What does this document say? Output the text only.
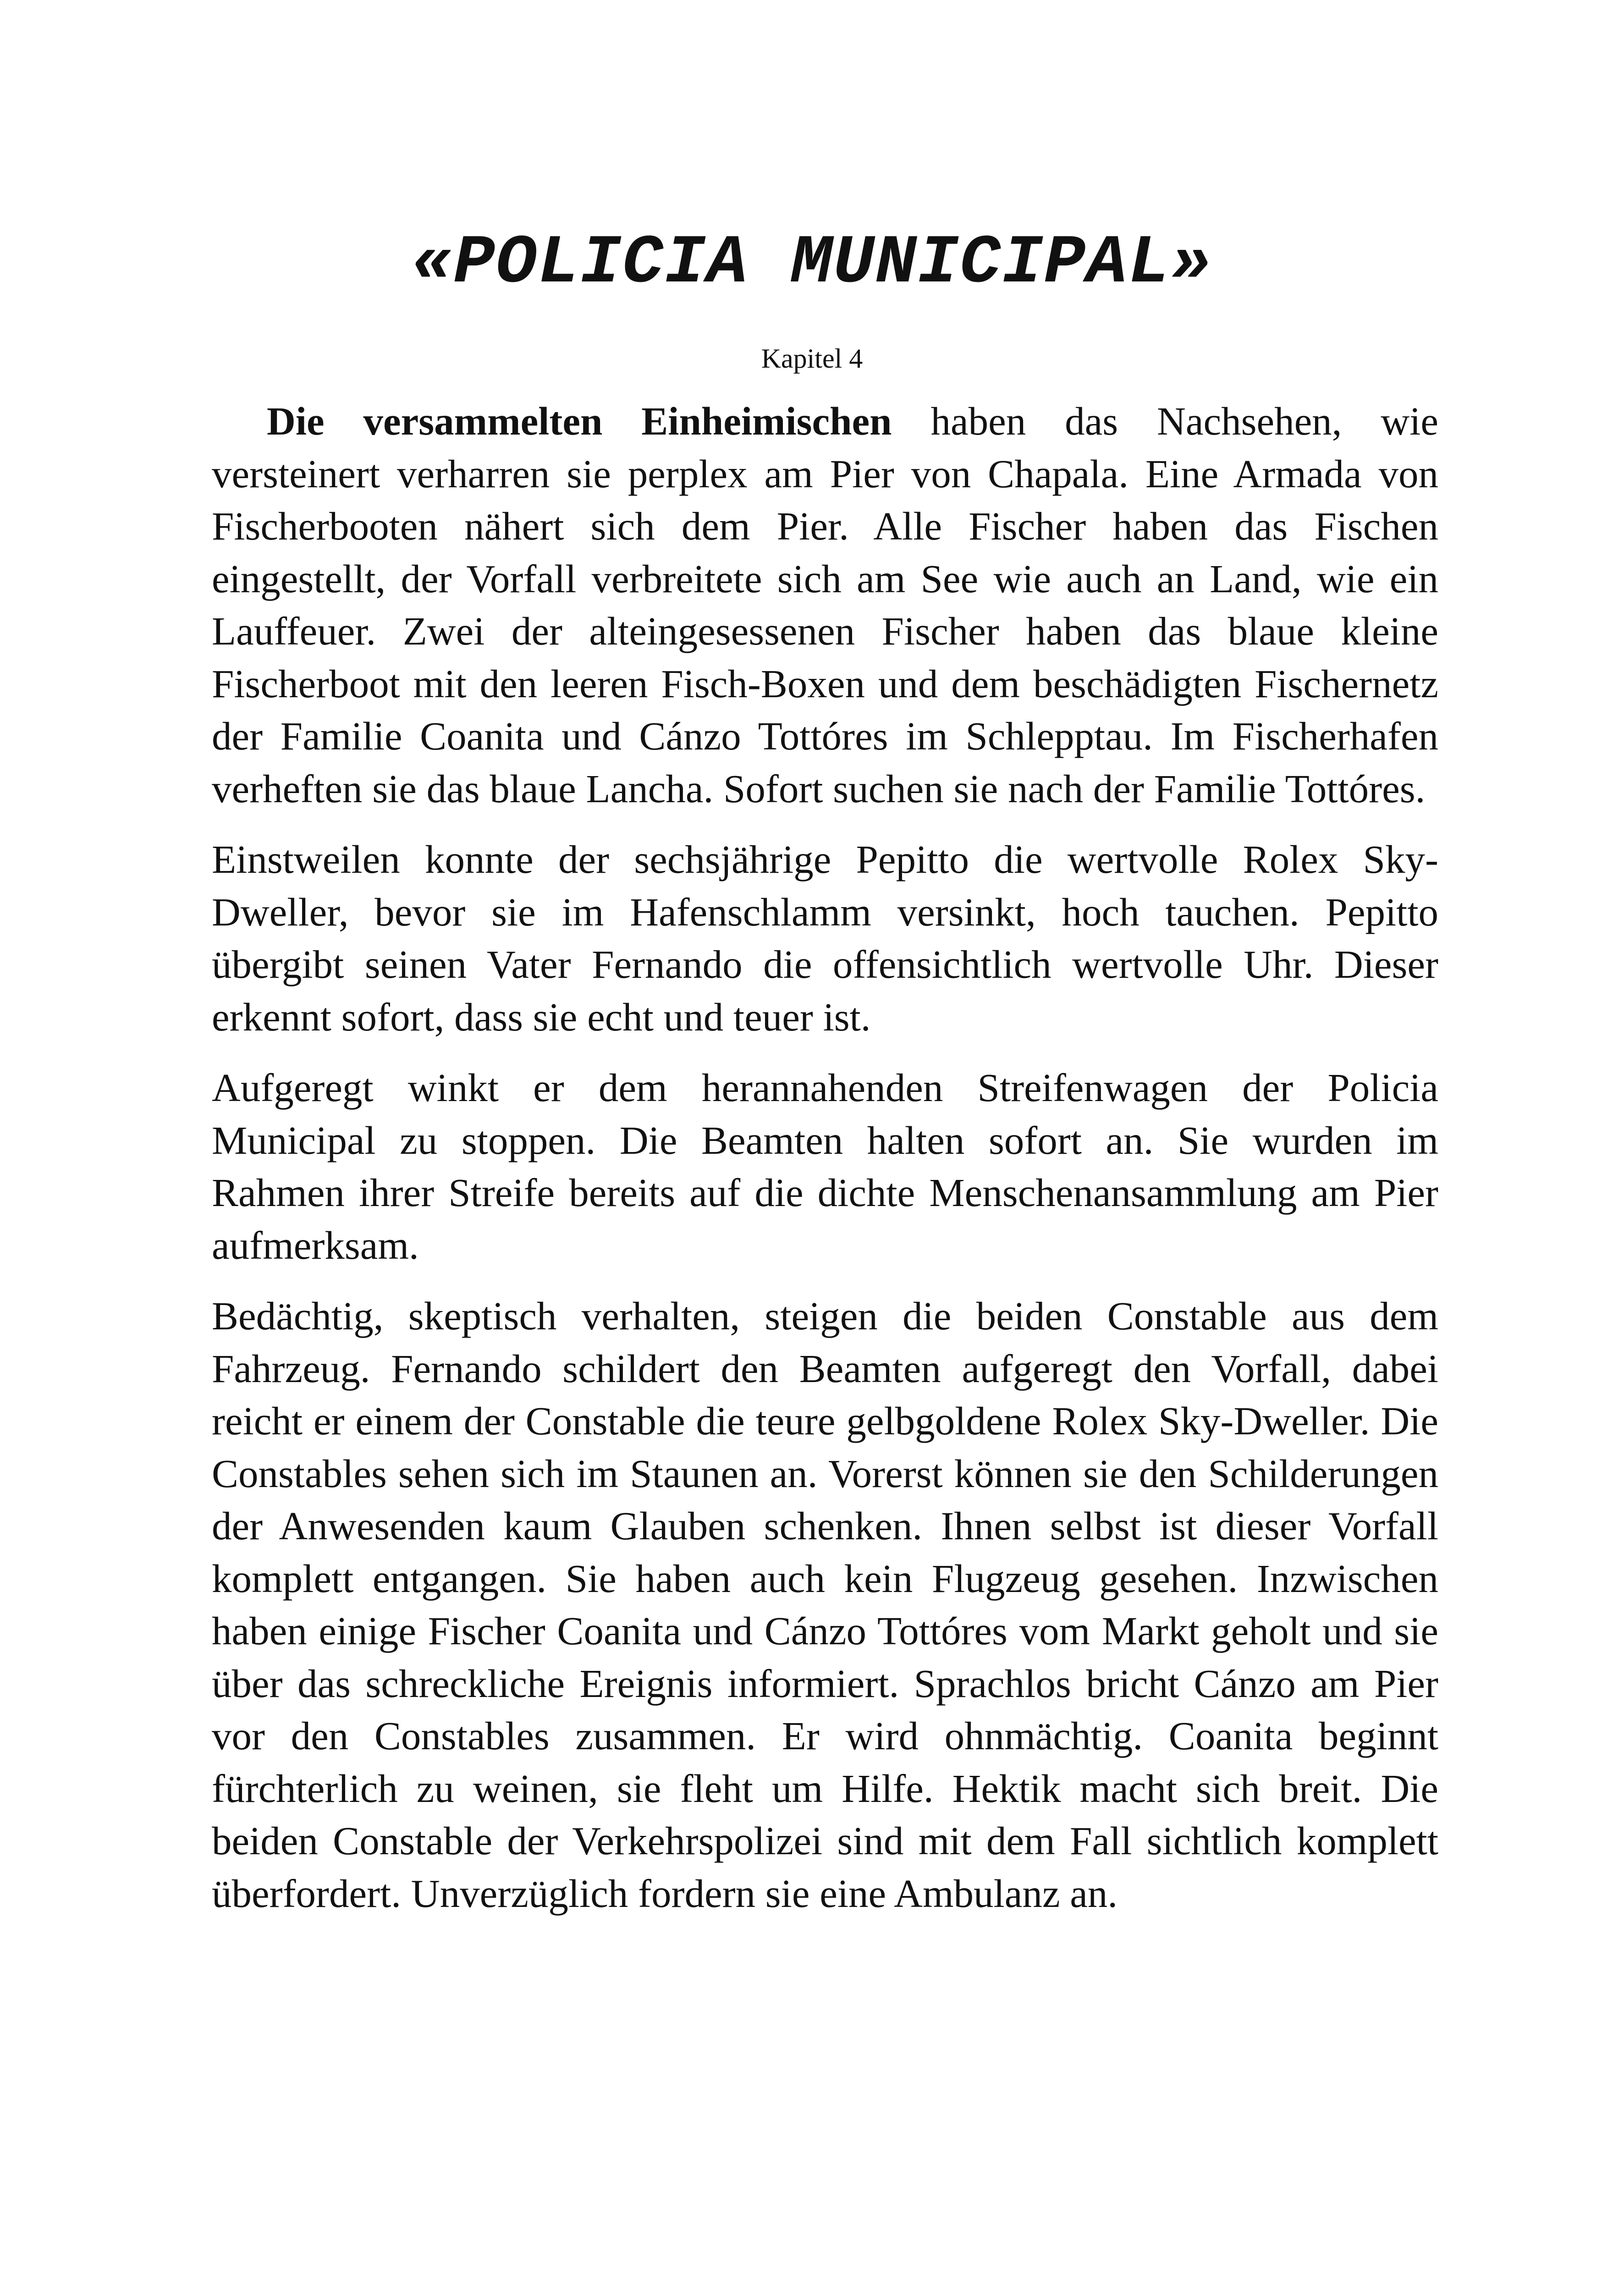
«POLICIA MUNICIPAL»
Kapitel 4

Die versammelten Einheimischen haben das Nachsehen, wie versteinert verharren sie perplex am Pier von Chapala. Eine Armada von Fischerbooten nähert sich dem Pier. Alle Fischer haben das Fischen eingestellt, der Vorfall verbreitete sich am See wie auch an Land, wie ein Lauffeuer. Zwei der alteingesessenen Fischer haben das blaue kleine Fischerboot mit den leeren Fisch-Boxen und dem beschädigten Fischernetz der Familie Coanita und Cánzo Tottóres im Schlepptau. Im Fischerhafen verheften sie das blaue Lancha. Sofort suchen sie nach der Familie Tottóres.

Einstweilen konnte der sechsjährige Pepitto die wertvolle Rolex Sky-Dweller, bevor sie im Hafenschlamm versinkt, hoch tauchen. Pepitto übergibt seinen Vater Fernando die offensichtlich wertvolle Uhr. Dieser erkennt sofort, dass sie echt und teuer ist.

Aufgeregt winkt er dem herannahenden Streifenwagen der Policia Municipal zu stoppen. Die Beamten halten sofort an. Sie wurden im Rahmen ihrer Streife bereits auf die dichte Menschenansammlung am Pier aufmerksam.

Bedächtig, skeptisch verhalten, steigen die beiden Constable aus dem Fahrzeug. Fernando schildert den Beamten aufgeregt den Vorfall, dabei reicht er einem der Constable die teure gelbgoldene Rolex Sky-Dweller. Die Constables sehen sich im Staunen an. Vorerst können sie den Schilderungen der Anwesenden kaum Glauben schenken. Ihnen selbst ist dieser Vorfall komplett entgangen. Sie haben auch kein Flugzeug gesehen. Inzwischen haben einige Fischer Coanita und Cánzo Tottóres vom Markt geholt und sie über das schreckliche Ereignis informiert. Sprachlos bricht Cánzo am Pier vor den Constables zusammen. Er wird ohnmächtig. Coanita beginnt fürchterlich zu weinen, sie fleht um Hilfe. Hektik macht sich breit. Die beiden Constable der Verkehrspolizei sind mit dem Fall sichtlich komplett überfordert. Unverzüglich fordern sie eine Ambulanz an.
